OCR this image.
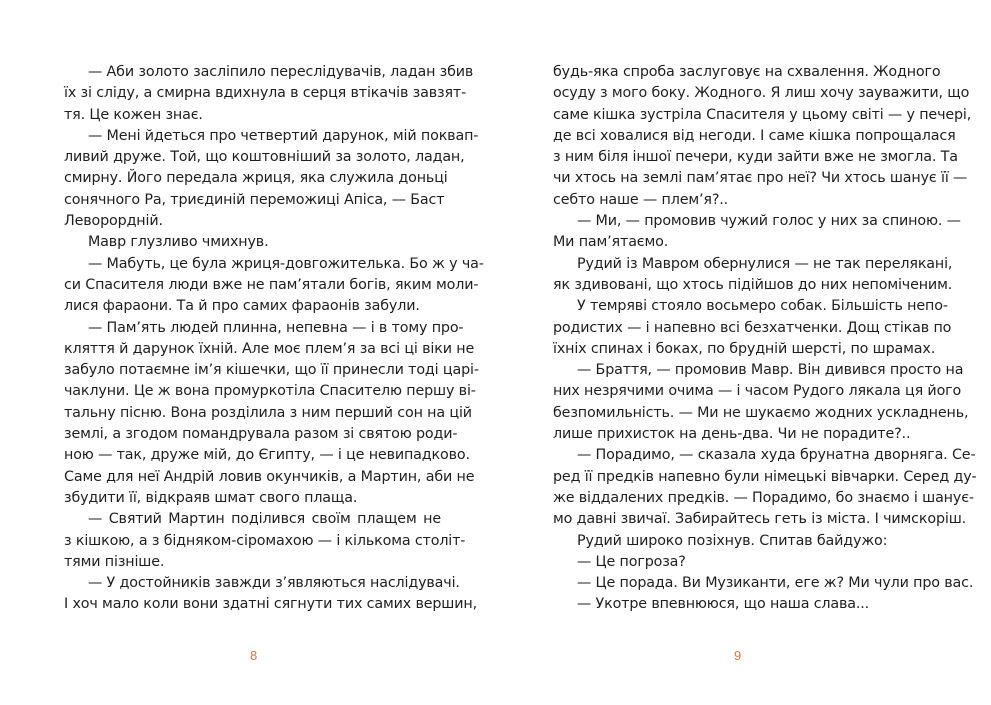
— Аби золото засліпило переслідувачів, ладан збив
їх зі сліду, а смирна вдихнула в серця втікачів завзят-
тя. Це кожен знає.
— Мені йдеться про четвертий дарунок, мій поквап-
ливий друже. Той, що коштовніший за золото, ладан,
смирну. Його передала жриця, яка служила доньці
сонячного Ра, триєдиній переможиці Апіса, — Баст
Леворордній.
Мавр глузливо чмихнув.
— Мабуть, це була жриця-довгожителька. Бо ж у ча-
си Спасителя люди вже не пам’ятали богів, яким моли-
лися фараони. Та й про самих фараонів забули.
— Пам’ять людей плинна, непевна — і в тому про-
кляття й дарунок їхній. Але моє плем’я за всі ці віки не
забуло потаємне ім’я кішечки, що її принесли тоді царі-
чаклуни. Це ж вона промуркотіла Спасителю першу ві-
тальну пісню. Вона розділила з ним перший сон на цій
землі, а згодом помандрувала разом зі святою роди-
ною — так, друже мій, до Єгипту, — і це невипадково.
Саме для неї Андрій ловив окунчиків, а Мартин, аби не
збудити її, відкраяв шмат свого плаща.
— Святий Мартин поділився своїм плащем не
з кішкою, а з бідняком-сіромахою — і кількома століт-
тями пізніше.
— У достойників завжди з’являються наслідувачі.
І хоч мало коли вони здатні сягнути тих самих вершин,
8
будь-яка спроба заслуговує на схвалення. Жодного
осуду з мого боку. Жодного. Я лиш хочу зауважити, що
саме кішка зустріла Спасителя у цьому світі — у печері,
де всі ховалися від негоди. І саме кішка попрощалася
з ним біля іншої печери, куди зайти вже не змогла. Та
чи хтось на землі пам’ятає про неї? Чи хтось шанує її —
себто наше — плем’я?..
— Ми, — промовив чужий голос у них за спиною. —
Ми пам’ятаємо.
Рудий із Мавром обернулися — не так перелякані,
як здивовані, що хтось підійшов до них непоміченим.
У темряві стояло восьмеро собак. Більшість непо-
родистих — і напевно всі безхатченки. Дощ стікав по
їхніх спинах і боках, по брудній шерсті, по шрамах.
— Браття, — промовив Мавр. Він дивився просто на
них незрячими очима — і часом Рудого лякала ця його
безпомильність. — Ми не шукаємо жодних ускладнень,
лише прихисток на день-два. Чи не порадите?..
— Порадимо, — сказала худа брунатна дворняга. Се-
ред її предків напевно були німецькі вівчарки. Серед ду-
же віддалених предків. — Порадимо, бо знаємо і шанує-
мо давні звичаї. Забирайтесь геть із міста. І чимскоріш.
Рудий широко позіхнув. Спитав байдужо:
— Це погроза?
— Це порада. Ви Музиканти, еге ж? Ми чули про вас.
— Укотре впевнююся, що наша слава...
9
